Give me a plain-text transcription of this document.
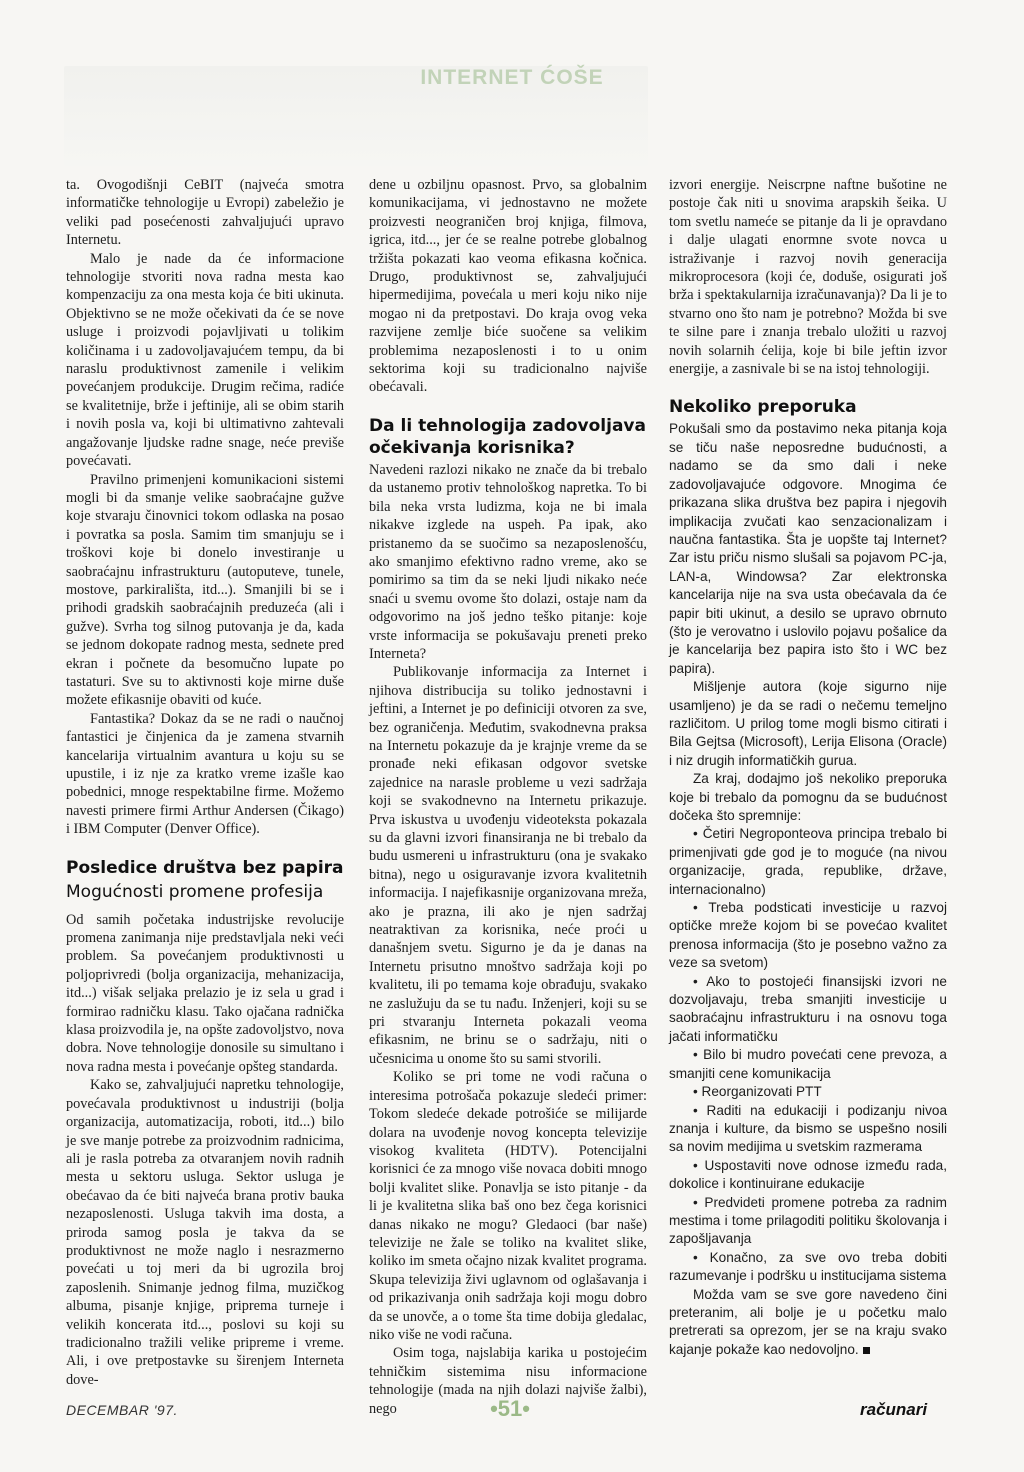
INTERNET ĆOŠE

ta. Ovogodišnji CeBIT (najveća smotra informatičke tehnologije u Evropi) zabeležio je veliki pad posećenosti zahvaljujući upravo Internetu.

Malo je nade da će informacione tehnologije stvoriti nova radna mesta kao kompenzaciju za ona mesta koja će biti ukinuta. Objektivno se ne može očekivati da će se nove usluge i proizvodi pojavljivati u tolikim količinama i u zadovoljavajućem tempu, da bi naraslu produktivnost zamenile i velikim povećanjem produkcije. Drugim rečima, radiće se kvalitetnije, brže i jeftinije, ali se obim starih i novih posla va, koji bi ultimativno zahtevali angažovanje ljudske radne snage, neće previše povećavati.

Pravilno primenjeni komunikacioni sistemi mogli bi da smanje velike saobraćajne gužve koje stvaraju činovnici tokom odlaska na posao i povratka sa posla. Samim tim smanjuju se i troškovi koje bi donelo investiranje u saobraćajnu infrastrukturu (autoputeve, tunele, mostove, parkirališta, itd...). Smanjili bi se i prihodi gradskih saobraćajnih preduzeća (ali i gužve). Svrha tog silnog putovanja je da, kada se jednom dokopate radnog mesta, sednete pred ekran i počnete da besomučno lupate po tastaturi. Sve su to aktivnosti koje mirne duše možete efikasnije obaviti od kuće.

Fantastika? Dokaz da se ne radi o naučnoj fantastici je činjenica da je zamena stvarnih kancelarija virtualnim avantura u koju su se upustile, i iz nje za kratko vreme izašle kao pobednici, mnoge respektabilne firme. Možemo navesti primere firmi Arthur Andersen (Čikago) i IBM Computer (Denver Office).

Posledice društva bez papira
Mogućnosti promene profesija

Od samih početaka industrijske revolucije promena zanimanja nije predstavljala neki veći problem. Sa povećanjem produktivnosti u poljoprivredi (bolja organizacija, mehanizacija, itd...) višak seljaka prelazio je iz sela u grad i formirao radničku klasu. Tako ojačana radnička klasa proizvodila je, na opšte zadovoljstvo, nova dobra. Nove tehnologije donosile su simultano i nova radna mesta i povećanje opšteg standarda.

Kako se, zahvaljujući napretku tehnologije, povećavala produktivnost u industriji (bolja organizacija, automatizacija, roboti, itd...) bilo je sve manje potrebe za proizvodnim radnicima, ali je rasla potreba za otvaranjem novih radnih mesta u sektoru usluga. Sektor usluga je obećavao da će biti najveća brana protiv bauka nezaposlenosti. Usluga takvih ima dosta, a priroda samog posla je takva da se produktivnost ne može naglo i nesrazmerno povećati u toj meri da bi ugrozila broj zaposlenih. Snimanje jednog filma, muzičkog albuma, pisanje knjige, priprema turneje i velikih koncerata itd..., poslovi su koji su tradicionalno tražili velike pripreme i vreme. Ali, i ove pretpostavke su širenjem Interneta dove-

dene u ozbiljnu opasnost. Prvo, sa globalnim komunikacijama, vi jednostavno ne možete proizvesti neograničen broj knjiga, filmova, igrica, itd..., jer će se realne potrebe globalnog tržišta pokazati kao veoma efikasna kočnica. Drugo, produktivnost se, zahvaljujući hipermedijima, povećala u meri koju niko nije mogao ni da pretpostavi. Do kraja ovog veka razvijene zemlje biće suočene sa velikim problemima nezaposlenosti i to u onim sektorima koji su tradicionalno najviše obećavali.

Da li tehnologija zadovoljava očekivanja korisnika?

Navedeni razlozi nikako ne znače da bi trebalo da ustanemo protiv tehnološkog napretka. To bi bila neka vrsta ludizma, koja ne bi imala nikakve izglede na uspeh. Pa ipak, ako pristanemo da se suočimo sa nezaposlenošću, ako smanjimo efektivno radno vreme, ako se pomirimo sa tim da se neki ljudi nikako neće snaći u svemu ovome što dolazi, ostaje nam da odgovorimo na još jedno teško pitanje: koje vrste informacija se pokušavaju preneti preko Interneta?

Publikovanje informacija za Internet i njihova distribucija su toliko jednostavni i jeftini, a Internet je po definiciji otvoren za sve, bez ograničenja. Međutim, svakodnevna praksa na Internetu pokazuje da je krajnje vreme da se pronađe neki efikasan odgovor svetske zajednice na narasle probleme u vezi sadržaja koji se svakodnevno na Internetu prikazuje. Prva iskustva u uvođenju videoteksta pokazala su da glavni izvori finansiranja ne bi trebalo da budu usmereni u infrastrukturu (ona je svakako bitna), nego u osiguravanje izvora kvalitetnih informacija. I najefikasnije organizovana mreža, ako je prazna, ili ako je njen sadržaj neatraktivan za korisnika, neće proći u današnjem svetu. Sigurno je da je danas na Internetu prisutno mnoštvo sadržaja koji po kvalitetu, ili po temama koje obrađuju, svakako ne zaslužuju da se tu nađu. Inženjeri, koji su se pri stvaranju Interneta pokazali veoma efikasnim, ne brinu se o sadržaju, niti o učesnicima u onome što su sami stvorili.

Koliko se pri tome ne vodi računa o interesima potrošača pokazuje sledeći primer: Tokom sledeće dekade potrošiće se milijarde dolara na uvođenje novog koncepta televizije visokog kvaliteta (HDTV). Potencijalni korisnici će za mnogo više novaca dobiti mnogo bolji kvalitet slike. Ponavlja se isto pitanje - da li je kvalitetna slika baš ono bez čega korisnici danas nikako ne mogu? Gledaoci (bar naše) televizije ne žale se toliko na kvalitet slike, koliko im smeta očajno nizak kvalitet programa. Skupa televizija živi uglavnom od oglašavanja i od prikazivanja onih sadržaja koji mogu dobro da se unovče, a o tome šta time dobija gledalac, niko više ne vodi računa.

Osim toga, najslabija karika u postojećim tehničkim sistemima nisu informacione tehnologije (mada na njih dolazi najviše žalbi), nego

izvori energije. Neiscrpne naftne bušotine ne postoje čak niti u snovima arapskih šeika. U tom svetlu nameće se pitanje da li je opravdano i dalje ulagati enormne svote novca u istraživanje i razvoj novih generacija mikroprocesora (koji će, doduše, osigurati još brža i spektakularnija izračunavanja)? Da li je to stvarno ono što nam je potrebno? Možda bi sve te silne pare i znanja trebalo uložiti u razvoj novih solarnih ćelija, koje bi bile jeftin izvor energije, a zasnivale bi se na istoj tehnologiji.

Nekoliko preporuka

Pokušali smo da postavimo neka pitanja koja se tiču naše neposredne budućnosti, a nadamo se da smo dali i neke zadovoljavajuće odgovore. Mnogima će prikazana slika društva bez papira i njegovih implikacija zvučati kao senzacionalizam i naučna fantastika. Šta je uopšte taj Internet? Zar istu priču nismo slušali sa pojavom PC-ja, LAN-a, Windowsa? Zar elektronska kancelarija nije na sva usta obećavala da će papir biti ukinut, a desilo se upravo obrnuto (što je verovatno i uslovilo pojavu pošalice da je kancelarija bez papira isto što i WC bez papira).

Mišljenje autora (koje sigurno nije usamljeno) je da se radi o nečemu temeljno različitom. U prilog tome mogli bismo citirati i Bila Gejtsa (Microsoft), Lerija Elisona (Oracle) i niz drugih informatičkih gurua.

Za kraj, dodajmo još nekoliko preporuka koje bi trebalo da pomognu da se budućnost dočeka što spremnije:

• Četiri Negroponteova principa trebalo bi primenjivati gde god je to moguće (na nivou organizacije, grada, republike, države, internacionalno)

• Treba podsticati investicije u razvoj optičke mreže kojom bi se povećao kvalitet prenosa informacija (što je posebno važno za veze sa svetom)

• Ako to postojeći finansijski izvori ne dozvoljavaju, treba smanjiti investicije u saobraćajnu infrastrukturu i na osnovu toga jačati informatičku

• Bilo bi mudro povećati cene prevoza, a smanjiti cene komunikacija

• Reorganizovati PTT

• Raditi na edukaciji i podizanju nivoa znanja i kulture, da bismo se uspešno nosili sa novim medijima u svetskim razmerama

• Uspostaviti nove odnose između rada, dokolice i kontinuirane edukacije

• Predvideti promene potreba za radnim mestima i tome prilagoditi politiku školovanja i zapošljavanja

• Konačno, za sve ovo treba dobiti razumevanje i podršku u institucijama sistema

Možda vam se sve gore navedeno čini preteranim, ali bolje je u početku malo pretrerati sa oprezom, jer se na kraju svako kajanje pokaže kao nedovoljno.

DECEMBAR '97.	•51•	računari
